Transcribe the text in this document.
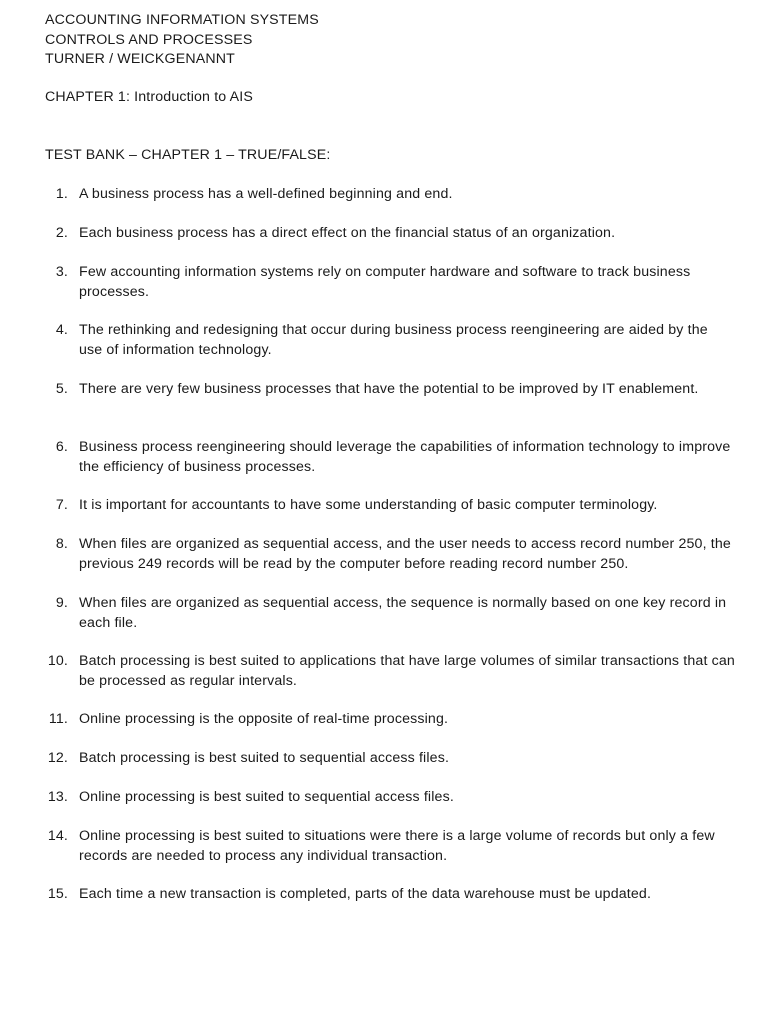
ACCOUNTING INFORMATION SYSTEMS
CONTROLS AND PROCESSES
TURNER / WEICKGENANNT
CHAPTER 1: Introduction to AIS
TEST BANK – CHAPTER 1 – TRUE/FALSE:
1. A business process has a well-defined beginning and end.
2. Each business process has a direct effect on the financial status of an organization.
3. Few accounting information systems rely on computer hardware and software to track business processes.
4. The rethinking and redesigning that occur during business process reengineering are aided by the use of information technology.
5. There are very few business processes that have the potential to be improved by IT enablement.
6. Business process reengineering should leverage the capabilities of information technology to improve the efficiency of business processes.
7. It is important for accountants to have some understanding of basic computer terminology.
8. When files are organized as sequential access, and the user needs to access record number 250, the previous 249 records will be read by the computer before reading record number 250.
9. When files are organized as sequential access, the sequence is normally based on one key record in each file.
10. Batch processing is best suited to applications that have large volumes of similar transactions that can be processed as regular intervals.
11. Online processing is the opposite of real-time processing.
12. Batch processing is best suited to sequential access files.
13. Online processing is best suited to sequential access files.
14. Online processing is best suited to situations were there is a large volume of records but only a few records are needed to process any individual transaction.
15. Each time a new transaction is completed, parts of the data warehouse must be updated.
